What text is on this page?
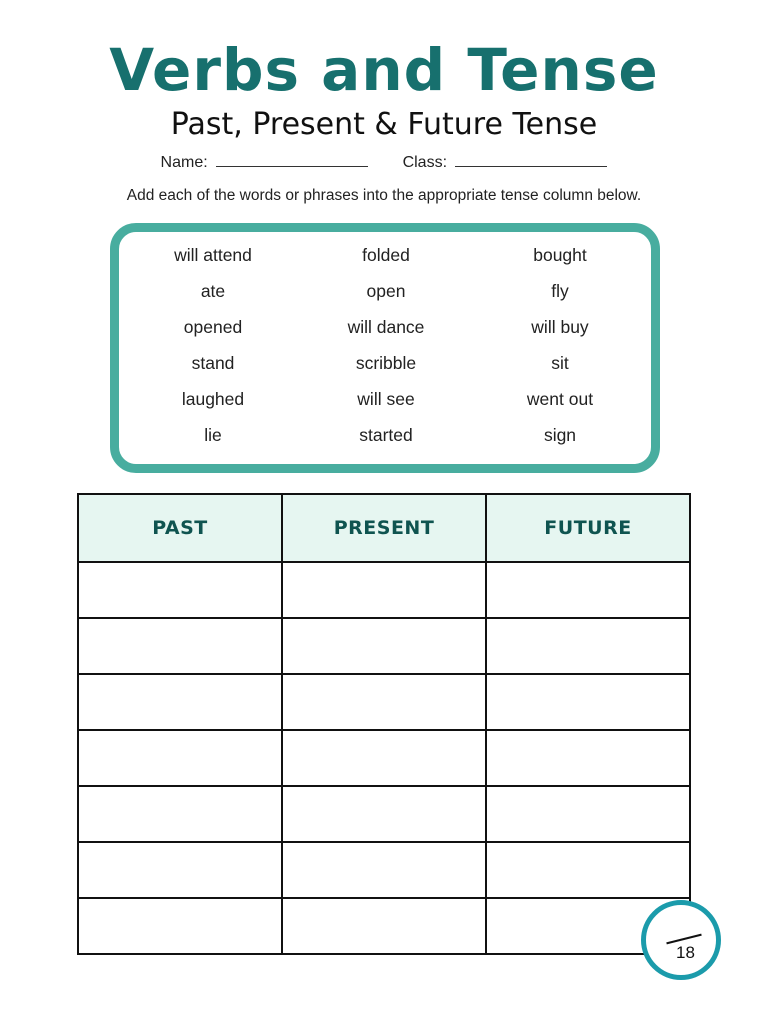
Verbs and Tense
Past, Present & Future Tense
Name:	Class:
Add each of the words or phrases into the appropriate tense column below.
will attend	folded	bought
ate	open	fly
opened	will dance	will buy
stand	scribble	sit
laughed	will see	went out
lie	started	sign
PAST	PRESENT	FUTURE

18
